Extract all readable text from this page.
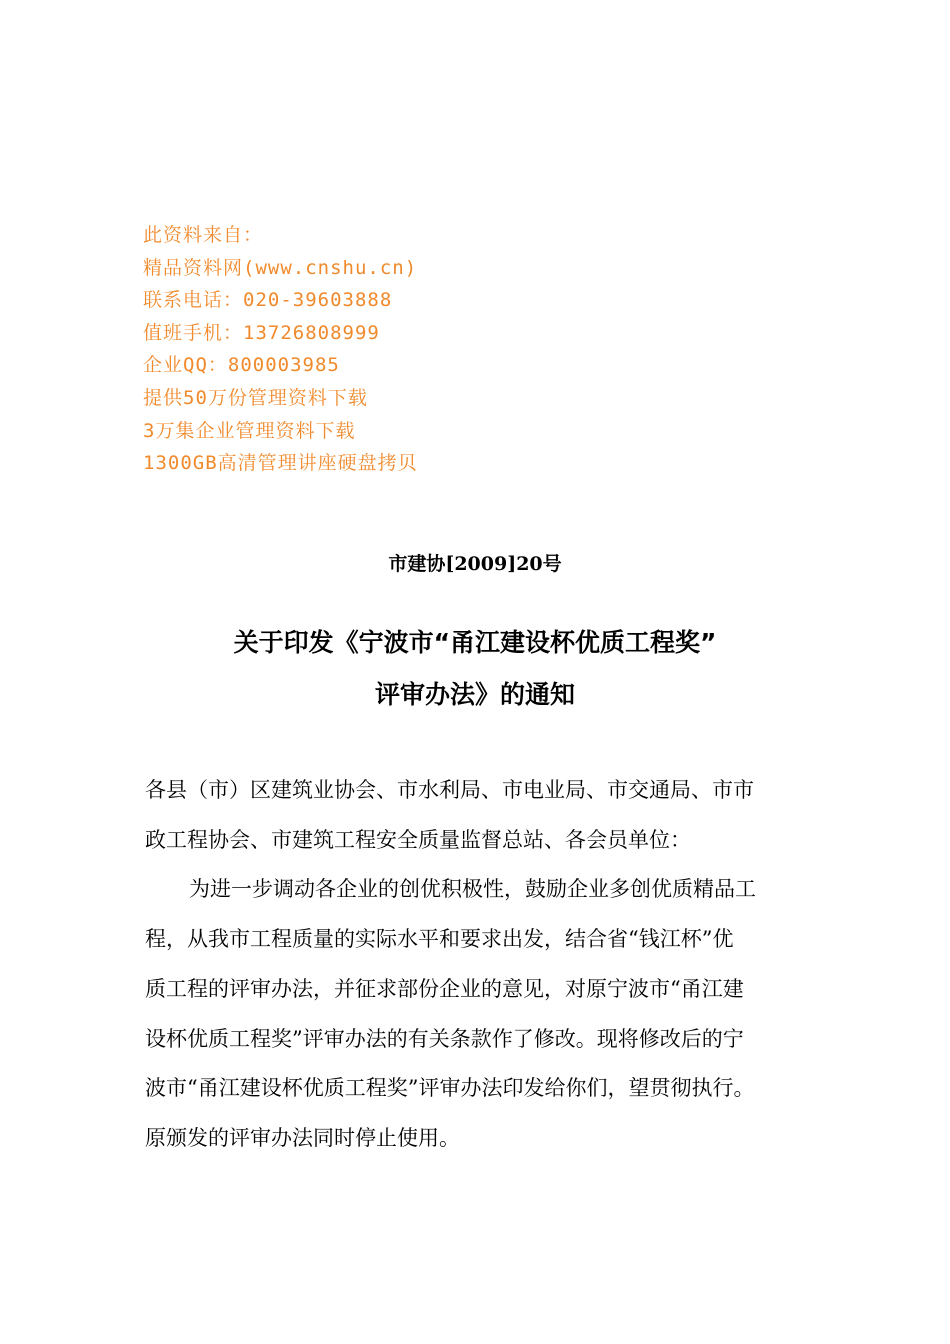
此资料来自：
精品资料网(www.cnshu.cn)
联系电话：020-39603888
值班手机：13726808999
企业QQ：800003985
提供50万份管理资料下载
3万集企业管理资料下载
1300GB高清管理讲座硬盘拷贝
市建协[2009]20号
关于印发《宁波市“甬江建设杯优质工程奖”
评审办法》的通知
各县（市）区建筑业协会、市水利局、市电业局、市交通局、市市
政工程协会、市建筑工程安全质量监督总站、各会员单位：
为进一步调动各企业的创优积极性，鼓励企业多创优质精品工
程，从我市工程质量的实际水平和要求出发，结合省“钱江杯”优
质工程的评审办法，并征求部份企业的意见，对原宁波市“甬江建
设杯优质工程奖”评审办法的有关条款作了修改。现将修改后的宁
波市“甬江建设杯优质工程奖”评审办法印发给你们，望贯彻执行。
原颁发的评审办法同时停止使用。
